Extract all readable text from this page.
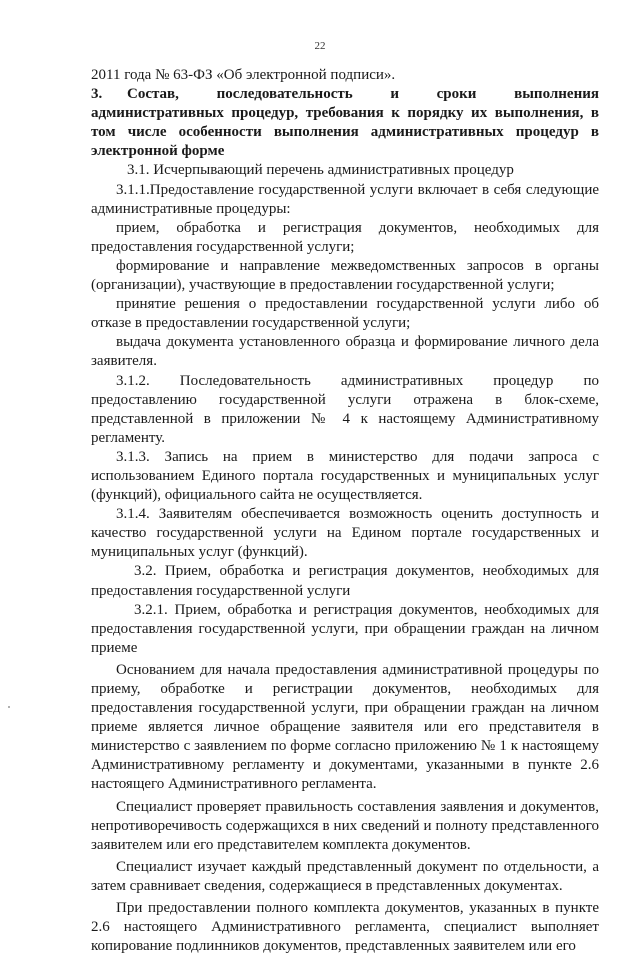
22

2011 года № 63-ФЗ «Об электронной подписи».

3. Состав, последовательность и сроки выполнения административных процедур, требования к порядку их выполнения, в том числе особенности выполнения административных процедур в электронной форме

3.1. Исчерпывающий перечень административных процедур

3.1.1.Предоставление государственной услуги включает в себя следующие административные процедуры:

прием, обработка и регистрация документов, необходимых для предоставления государственной услуги;

формирование и направление межведомственных запросов в органы (организации), участвующие в предоставлении государственной услуги;

принятие решения о предоставлении государственной услуги либо об отказе в предоставлении государственной услуги;

выдача документа установленного образца и формирование личного дела заявителя.

3.1.2. Последовательность административных процедур по предоставлению государственной услуги отражена в блок-схеме, представленной в приложении № 4 к настоящему Административному регламенту.

3.1.3. Запись на прием в министерство для подачи запроса с использованием Единого портала государственных и муниципальных услуг (функций), официального сайта не осуществляется.

3.1.4. Заявителям обеспечивается возможность оценить доступность и качество государственной услуги на Едином портале государственных и муниципальных услуг (функций).

3.2. Прием, обработка и регистрация документов, необходимых для предоставления государственной услуги

3.2.1. Прием, обработка и регистрация документов, необходимых для предоставления государственной услуги, при обращении граждан на личном приеме

Основанием для начала предоставления административной процедуры по приему, обработке и регистрации документов, необходимых для предоставления государственной услуги, при обращении граждан на личном приеме является личное обращение заявителя или его представителя в министерство с заявлением по форме согласно приложению № 1 к настоящему Административному регламенту и документами, указанными в пункте 2.6 настоящего Административного регламента.

Специалист проверяет правильность составления заявления и документов, непротиворечивость содержащихся в них сведений и полноту представленного заявителем или его представителем комплекта документов.

Специалист изучает каждый представленный документ по отдельности, а затем сравнивает сведения, содержащиеся в представленных документах.

При предоставлении полного комплекта документов, указанных в пункте 2.6 настоящего Административного регламента, специалист выполняет копирование подлинников документов, представленных заявителем или его
